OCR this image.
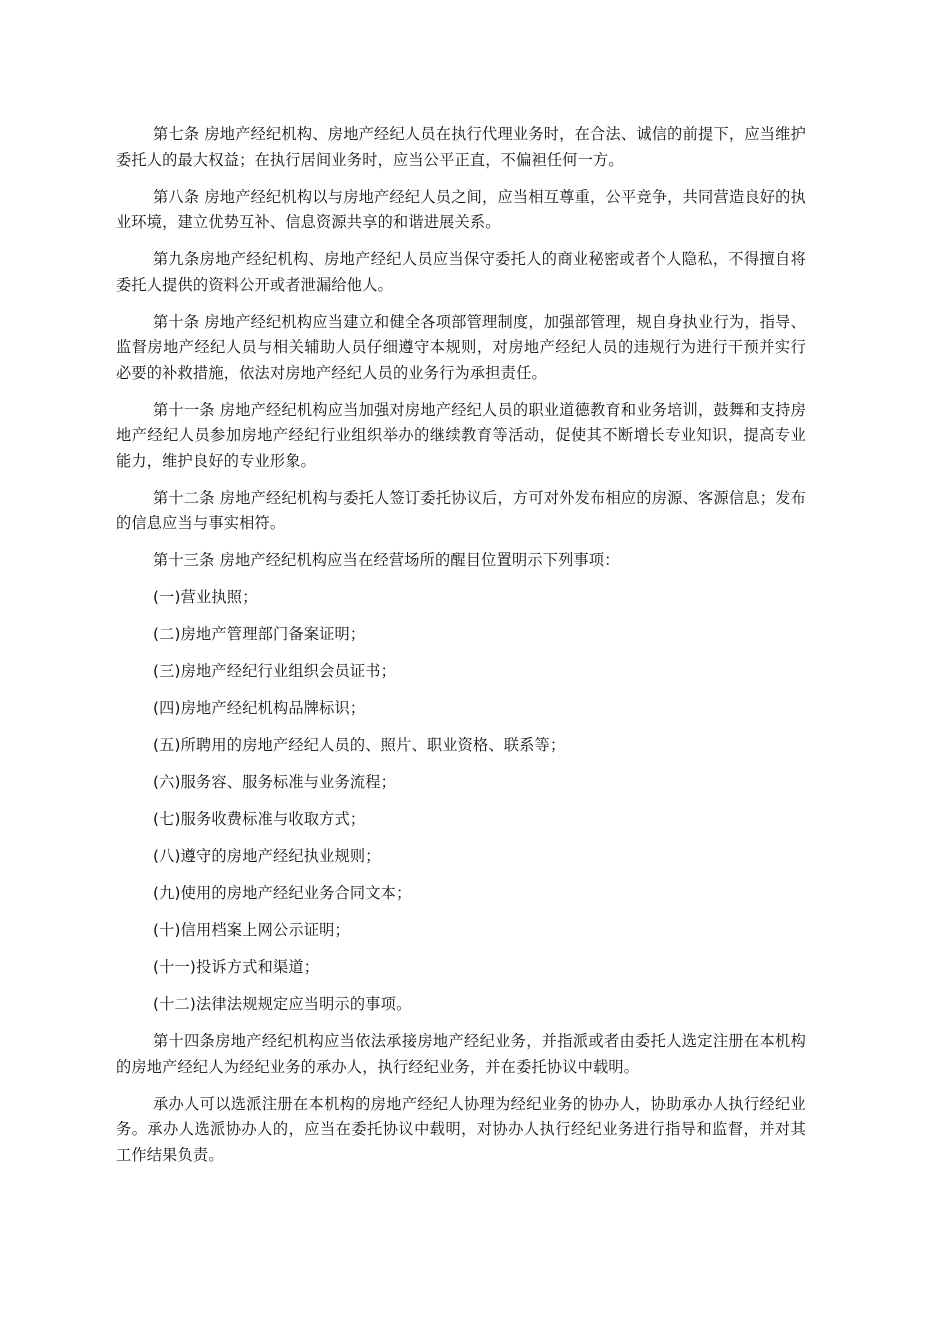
第七条 房地产经纪机构、房地产经纪人员在执行代理业务时，在合法、诚信的前提下，应当维护委托人的最大权益；在执行居间业务时，应当公平正直，不偏袒任何一方。

第八条 房地产经纪机构以与房地产经纪人员之间，应当相互尊重，公平竞争，共同营造良好的执业环境，建立优势互补、信息资源共享的和谐进展关系。

第九条房地产经纪机构、房地产经纪人员应当保守委托人的商业秘密或者个人隐私，不得擅自将委托人提供的资料公开或者泄漏给他人。

第十条 房地产经纪机构应当建立和健全各项部管理制度，加强部管理，规自身执业行为，指导、监督房地产经纪人员与相关辅助人员仔细遵守本规则，对房地产经纪人员的违规行为进行干预并实行必要的补救措施，依法对房地产经纪人员的业务行为承担责任。

第十一条 房地产经纪机构应当加强对房地产经纪人员的职业道德教育和业务培训，鼓舞和支持房地产经纪人员参加房地产经纪行业组织举办的继续教育等活动，促使其不断增长专业知识，提高专业能力，维护良好的专业形象。

第十二条 房地产经纪机构与委托人签订委托协议后，方可对外发布相应的房源、客源信息；发布的信息应当与事实相符。

第十三条 房地产经纪机构应当在经营场所的醒目位置明示下列事项：

(一)营业执照；

(二)房地产管理部门备案证明；

(三)房地产经纪行业组织会员证书；

(四)房地产经纪机构品牌标识；

(五)所聘用的房地产经纪人员的、照片、职业资格、联系等；

(六)服务容、服务标准与业务流程；

(七)服务收费标准与收取方式；

(八)遵守的房地产经纪执业规则；

(九)使用的房地产经纪业务合同文本；

(十)信用档案上网公示证明；

(十一)投诉方式和渠道；

(十二)法律法规规定应当明示的事项。

第十四条房地产经纪机构应当依法承接房地产经纪业务，并指派或者由委托人选定注册在本机构的房地产经纪人为经纪业务的承办人，执行经纪业务，并在委托协议中载明。

承办人可以选派注册在本机构的房地产经纪人协理为经纪业务的协办人，协助承办人执行经纪业务。承办人选派协办人的，应当在委托协议中载明，对协办人执行经纪业务进行指导和监督，并对其工作结果负责。
